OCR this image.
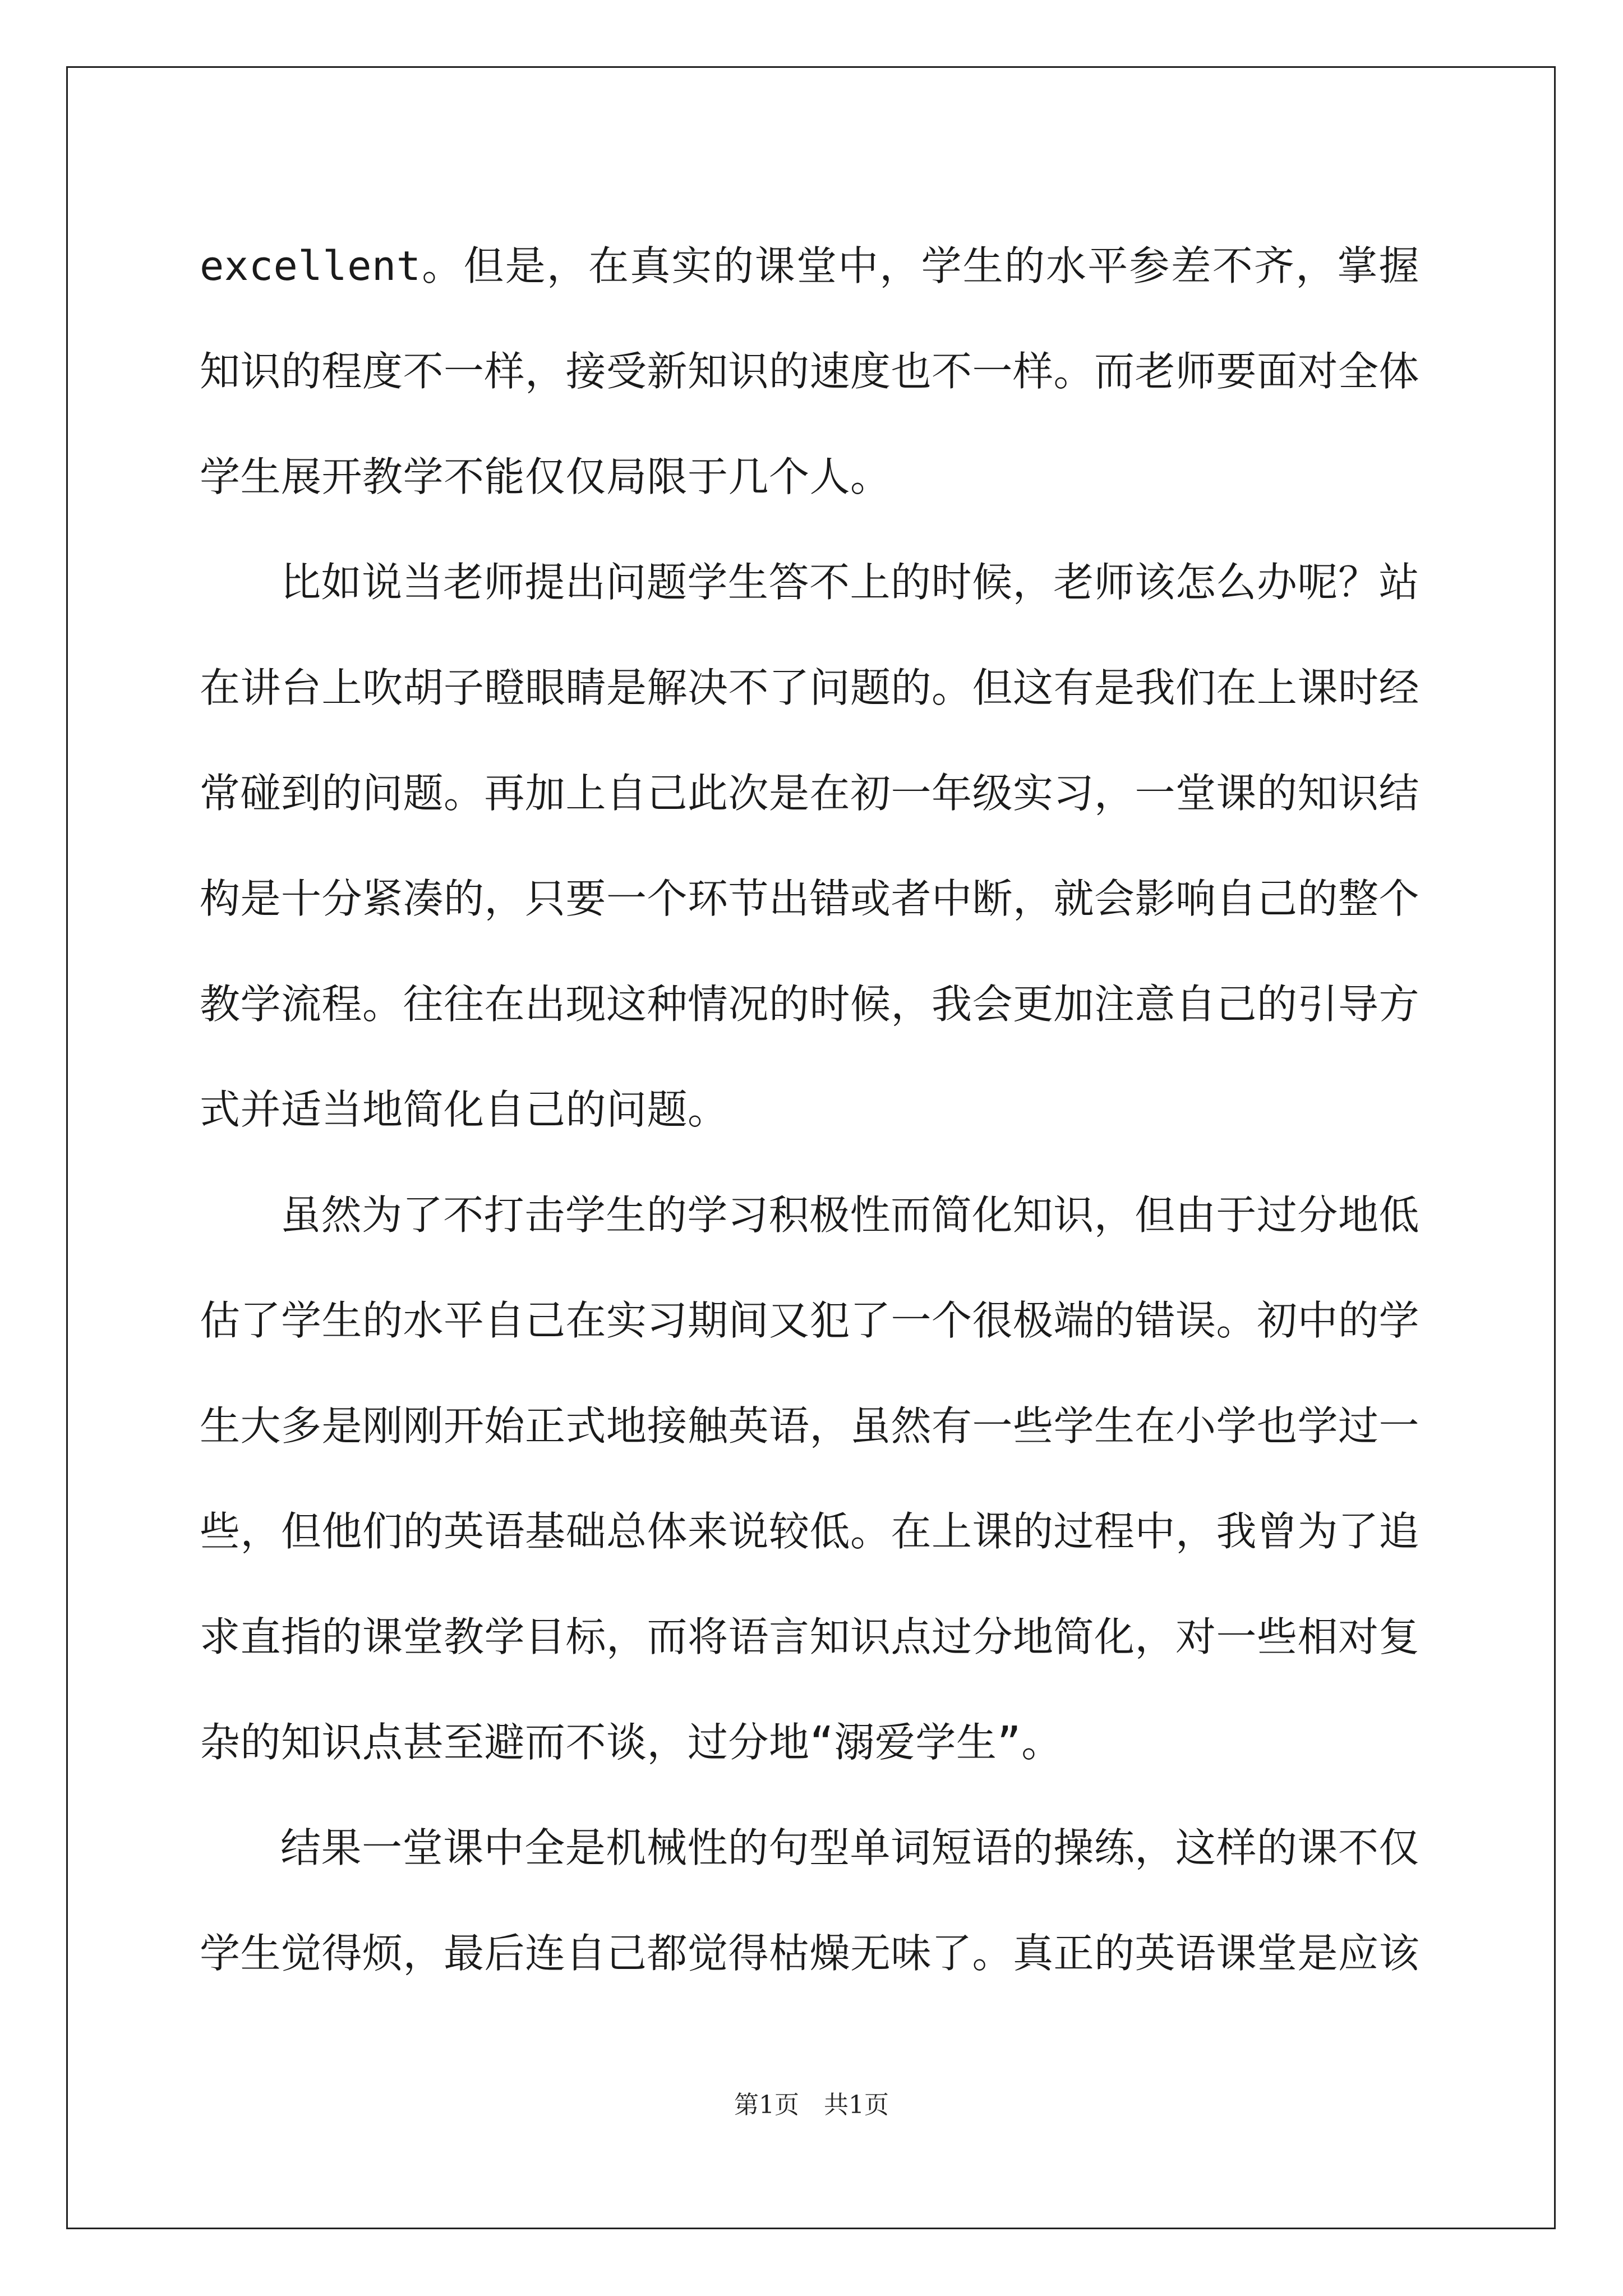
excellent。但是，在真实的课堂中，学生的水平参差不齐，掌握知识的程度不一样，接受新知识的速度也不一样。而老师要面对全体学生展开教学不能仅仅局限于几个人。

比如说当老师提出问题学生答不上的时候，老师该怎么办呢？站在讲台上吹胡子瞪眼睛是解决不了问题的。但这有是我们在上课时经常碰到的问题。再加上自己此次是在初一年级实习，一堂课的知识结构是十分紧凑的，只要一个环节出错或者中断，就会影响自己的整个教学流程。往往在出现这种情况的时候，我会更加注意自己的引导方式并适当地简化自己的问题。

虽然为了不打击学生的学习积极性而简化知识，但由于过分地低估了学生的水平自己在实习期间又犯了一个很极端的错误。初中的学生大多是刚刚开始正式地接触英语，虽然有一些学生在小学也学过一些，但他们的英语基础总体来说较低。在上课的过程中，我曾为了追求直指的课堂教学目标，而将语言知识点过分地简化，对一些相对复杂的知识点甚至避而不谈，过分地“溺爱学生”。

结果一堂课中全是机械性的句型单词短语的操练，这样的课不仅学生觉得烦，最后连自己都觉得枯燥无味了。真正的英语课堂是应该

第1页　共1页
